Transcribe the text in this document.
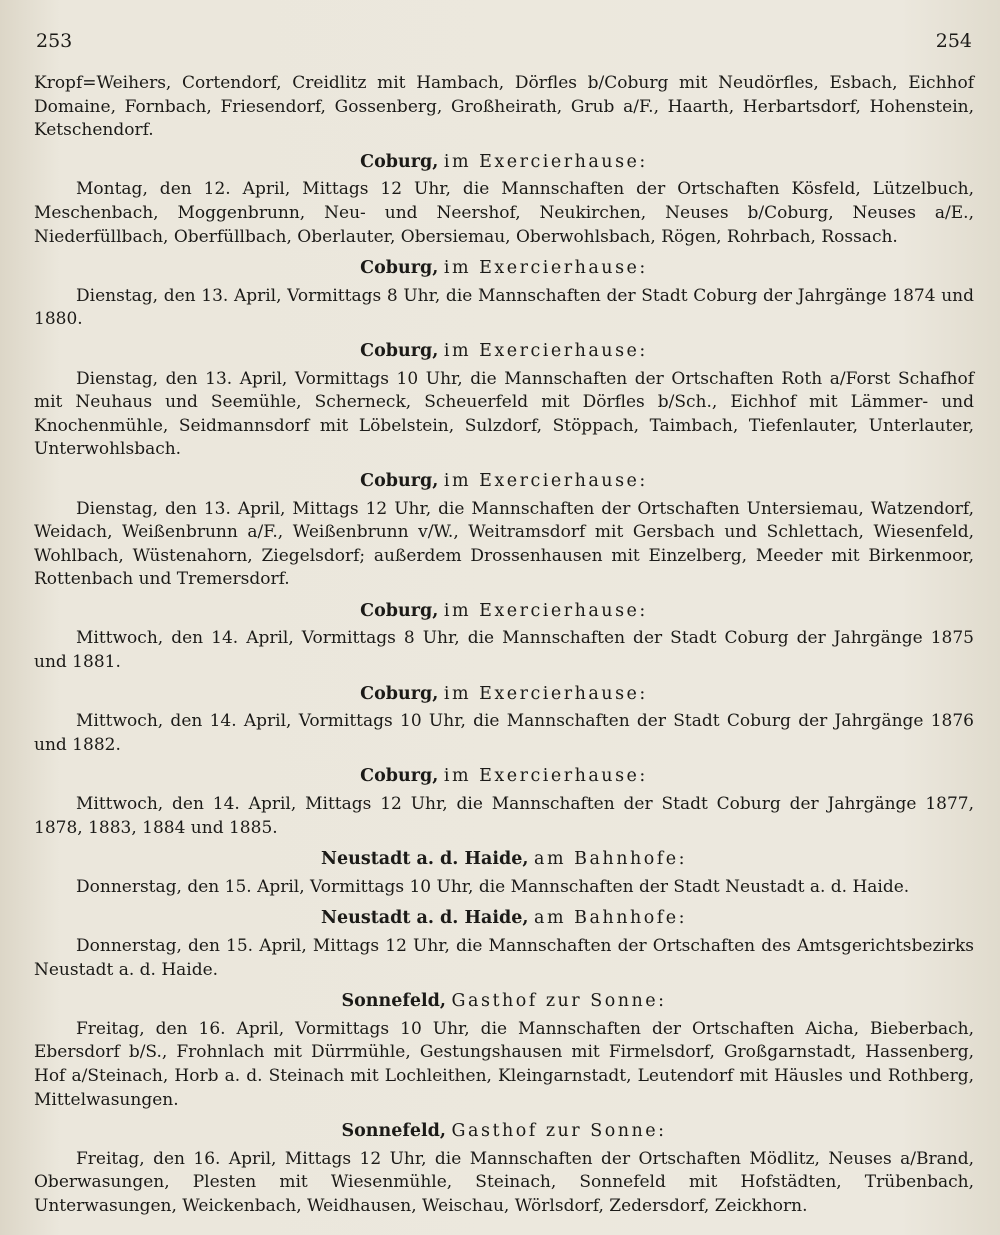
253	254

Kropf=Weihers, Cortendorf, Creidlitz mit Hambach, Dörfles b/Coburg mit Neudörfles, Esbach, Eichhof Domaine, Fornbach, Friesendorf, Gossenberg, Großheirath, Grub a/F., Haarth, Herbartsdorf, Hohenstein, Ketschendorf.

Coburg, im Exercierhause:

Montag, den 12. April, Mittags 12 Uhr, die Mannschaften der Ortschaften Kösfeld, Lützelbuch, Meschenbach, Moggenbrunn, Neu- und Neershof, Neukirchen, Neuses b/Coburg, Neuses a/E., Niederfüllbach, Oberfüllbach, Oberlauter, Obersiemau, Oberwohlsbach, Rögen, Rohrbach, Rossach.

Coburg, im Exercierhause:

Dienstag, den 13. April, Vormittags 8 Uhr, die Mannschaften der Stadt Coburg der Jahrgänge 1874 und 1880.

Coburg, im Exercierhause:

Dienstag, den 13. April, Vormittags 10 Uhr, die Mannschaften der Ortschaften Roth a/Forst Schafhof mit Neuhaus und Seemühle, Scherneck, Scheuerfeld mit Dörfles b/Sch., Eichhof mit Lämmer- und Knochenmühle, Seidmannsdorf mit Löbelstein, Sulzdorf, Stöppach, Taimbach, Tiefenlauter, Unterlauter, Unterwohlsbach.

Coburg, im Exercierhause:

Dienstag, den 13. April, Mittags 12 Uhr, die Mannschaften der Ortschaften Untersiemau, Watzendorf, Weidach, Weißenbrunn a/F., Weißenbrunn v/W., Weitramsdorf mit Gersbach und Schlettach, Wiesenfeld, Wohlbach, Wüstenahorn, Ziegelsdorf; außerdem Drossenhausen mit Einzelberg, Meeder mit Birkenmoor, Rottenbach und Tremersdorf.

Coburg, im Exercierhause:

Mittwoch, den 14. April, Vormittags 8 Uhr, die Mannschaften der Stadt Coburg der Jahrgänge 1875 und 1881.

Coburg, im Exercierhause:

Mittwoch, den 14. April, Vormittags 10 Uhr, die Mannschaften der Stadt Coburg der Jahrgänge 1876 und 1882.

Coburg, im Exercierhause:

Mittwoch, den 14. April, Mittags 12 Uhr, die Mannschaften der Stadt Coburg der Jahrgänge 1877, 1878, 1883, 1884 und 1885.

Neustadt a. d. Haide, am Bahnhofe:

Donnerstag, den 15. April, Vormittags 10 Uhr, die Mannschaften der Stadt Neustadt a. d. Haide.

Neustadt a. d. Haide, am Bahnhofe:

Donnerstag, den 15. April, Mittags 12 Uhr, die Mannschaften der Ortschaften des Amtsgerichtsbezirks Neustadt a. d. Haide.

Sonnefeld, Gasthof zur Sonne:

Freitag, den 16. April, Vormittags 10 Uhr, die Mannschaften der Ortschaften Aicha, Bieberbach, Ebersdorf b/S., Frohnlach mit Dürrmühle, Gestungshausen mit Firmelsdorf, Großgarnstadt, Hassenberg, Hof a/Steinach, Horb a. d. Steinach mit Lochleithen, Kleingarnstadt, Leutendorf mit Häusles und Rothberg, Mittelwasungen.

Sonnefeld, Gasthof zur Sonne:

Freitag, den 16. April, Mittags 12 Uhr, die Mannschaften der Ortschaften Mödlitz, Neuses a/Brand, Oberwasungen, Plesten mit Wiesenmühle, Steinach, Sonnefeld mit Hofstädten, Trübenbach, Unterwasungen, Weickenbach, Weidhausen, Weischau, Wörlsdorf, Zedersdorf, Zeickhorn.
